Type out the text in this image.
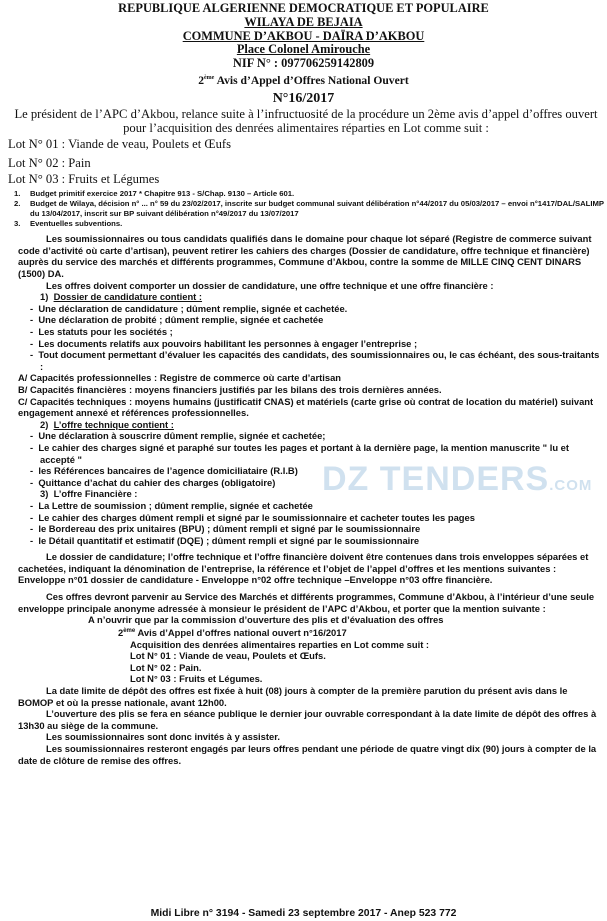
REPUBLIQUE ALGERIENNE DEMOCRATIQUE ET POPULAIRE
WILAYA DE BEJAIA
COMMUNE D’AKBOU - DAÏRA D’AKBOU
Place Colonel Amirouche
NIF N° : 097706259142809
2ème Avis d’Appel d’Offres National Ouvert
N°16/2017
Le président de l’APC d’Akbou, relance suite à l’infructuosité de la procédure un 2ème avis d’appel d’offres ouvert pour l’acquisition des denrées alimentaires réparties en Lot comme suit :
Lot N° 01 : Viande de veau, Poulets et Œufs
Lot N° 02 : Pain
Lot N° 03 : Fruits et Légumes
1.	Budget primitif exercice 2017 * Chapitre 913 - S/Chap. 9130 – Article 601.
2.	Budget de Wilaya, décision n° ... n° 59 du 23/02/2017, inscrite sur budget communal suivant délibération n°44/2017 du 05/03/2017 – envoi n°1417/DAL/SALIMP du 13/04/2017, inscrit sur BP suivant délibération n°49/2017 du 13/07/2017
3.	Eventuelles subventions.

Les soumissionnaires ou tous candidats qualifiés dans le domaine pour chaque lot séparé (Registre de commerce suivant code d’activité où carte d’artisan), peuvent retirer les cahiers des charges (Dossier de candidature, offre technique et financière) auprès du service des marchés et différents programmes, Commune d’Akbou, contre la somme de MILLE CINQ CENT DINARS (1500) DA.

Les offres doivent comporter un dossier de candidature, une offre technique et une offre financière :

1) Dossier de candidature contient :

-  Une déclaration de candidature ; dûment remplie, signée et cachetée.

-  Une déclaration de probité ; dûment remplie, signée et cachetée

-  Les statuts pour les sociétés ;

-  Les documents relatifs aux pouvoirs habilitant les personnes à engager l’entreprise ;

-  Tout document permettant d’évaluer les capacités des candidats, des soumissionnaires ou, le cas échéant, des sous-traitants :

A/ Capacités professionnelles : Registre de commerce où carte d’artisan

B/ Capacités financières : moyens financiers justifiés par les bilans des trois dernières années.

C/ Capacités techniques : moyens humains (justificatif CNAS) et matériels (carte grise où contrat de location du matériel) suivant engagement annexé et références professionnelles.

2) L’offre technique contient :

-  Une déclaration à souscrire dûment remplie, signée et cachetée;

-  Le cahier des charges signé et paraphé sur toutes les pages et portant à la dernière page, la mention manuscrite " lu et accepté "

-  les Références bancaires de l’agence domiciliataire (R.I.B)

-  Quittance d’achat du cahier des charges (obligatoire)

3) L’offre Financière :

-  La Lettre de soumission ; dûment remplie, signée et cachetée

-  Le cahier des charges dûment rempli et signé par le soumissionnaire et cacheter toutes les pages

-  le Bordereau des prix unitaires (BPU) ; dûment rempli et signé par le soumissionnaire

-  le Détail quantitatif et estimatif (DQE) ; dûment rempli et signé par le soumissionnaire

Le dossier de candidature; l’offre technique et l’offre financière doivent être contenues dans trois enveloppes séparées et cachetées, indiquant la dénomination de l’entreprise, la référence et l’objet de l’appel d’offres et les mentions suivantes : Enveloppe n°01 dossier de candidature - Enveloppe n°02 offre technique –Enveloppe n°03 offre financière.

Ces offres devront parvenir au Service des Marchés et différents programmes, Commune d’Akbou, à l’intérieur d’une seule enveloppe principale anonyme adressée à monsieur le président de l’APC d’Akbou, et porter que la mention suivante :

A n’ouvrir que par la commission d’ouverture des plis et d’évaluation des offres

2ème Avis d’Appel d’offres national ouvert n°16/2017

Acquisition des denrées alimentaires reparties en Lot comme suit :

Lot N° 01 : Viande de veau, Poulets et Œufs.

Lot N° 02 : Pain.

Lot N° 03 : Fruits et Légumes.

La date limite de dépôt des offres est fixée à huit (08) jours à compter de la première parution du présent avis dans le BOMOP et où la presse nationale, avant 12h00.

L’ouverture des plis se fera en séance publique le dernier jour ouvrable correspondant à la date limite de dépôt des offres à 13h30 au siège de la commune.

Les soumissionnaires sont donc invités à y assister.

Les soumissionnaires resteront engagés par leurs offres pendant une période de quatre vingt dix (90) jours à compter de la date de clôture de remise des offres.

DZ TENDERS.COM
Midi Libre n° 3194 - Samedi 23 septembre 2017 - Anep 523 772
